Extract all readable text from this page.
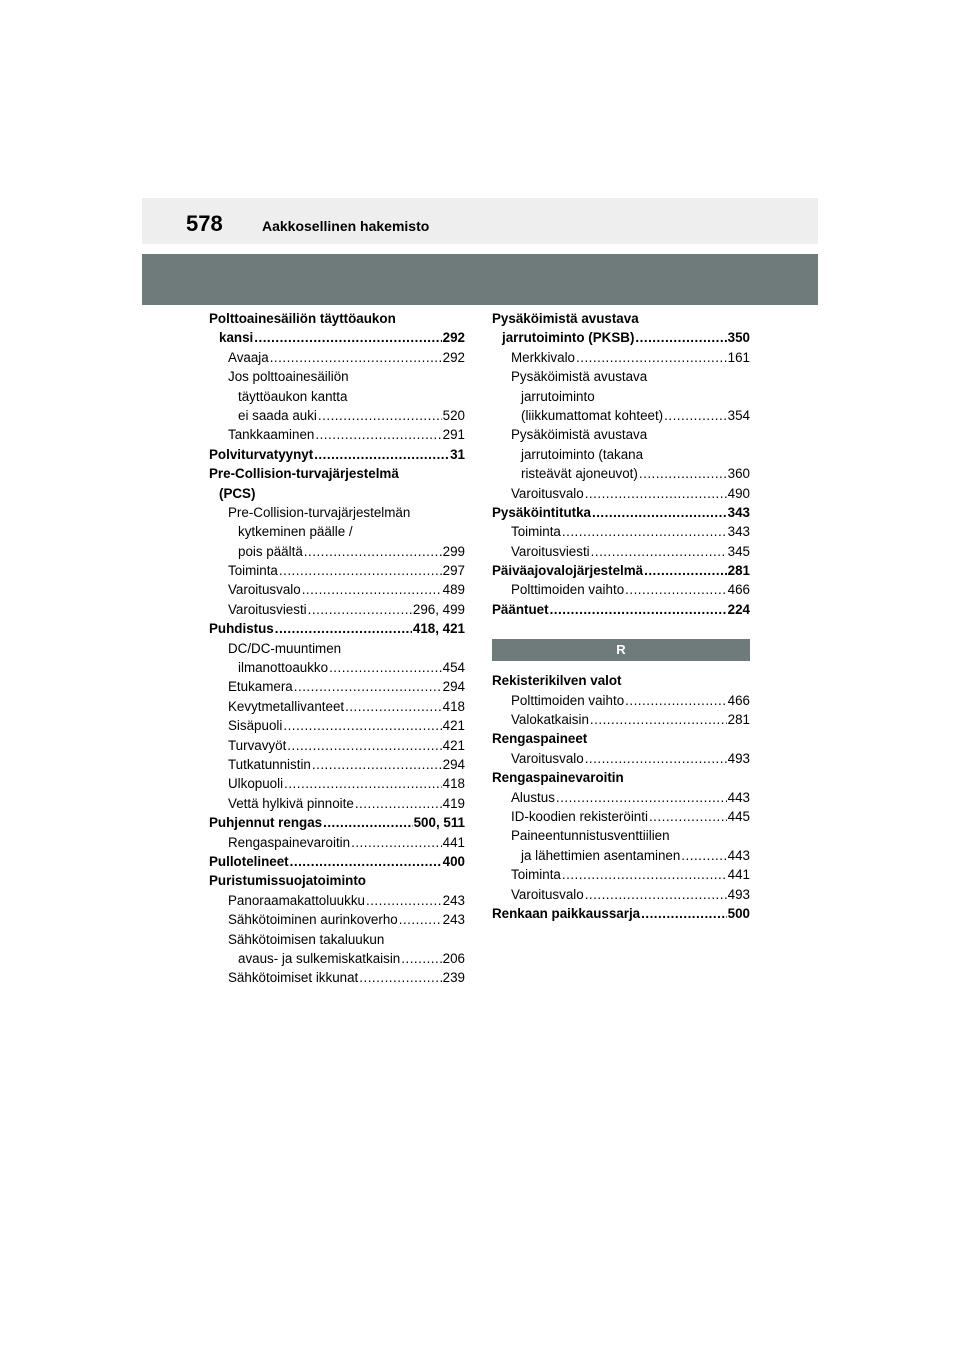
578	Aakkosellinen hakemisto
Polttoainesäiliön täyttöaukon
kansi .....	292
Avaaja .....	292
Jos polttoainesäiliön
täyttöaukon kantta
ei saada auki .....	520
Tankkaaminen .....	291
Polviturvatyynyt .....	31
Pre-Collision-turvajärjestelmä
(PCS)
Pre-Collision-turvajärjestelmän
kytkeminen päälle /
pois päältä .....	299
Toiminta .....	297
Varoitusvalo .....	489
Varoitusviesti .....	296, 499
Puhdistus .....	418, 421
DC/DC-muuntimen
ilmanottoaukko .....	454
Etukamera .....	294
Kevytmetallivanteet .....	418
Sisäpuoli .....	421
Turvavyöt .....	421
Tutkatunnistin .....	294
Ulkopuoli .....	418
Vettä hylkivä pinnoite .....	419
Puhjennut rengas .....	500, 511
Rengaspainevaroitin .....	441
Pullotelineet .....	400
Puristumissuojatoiminto
Panoraamakattoluukku .....	243
Sähkötoiminen aurinkoverho .....	243
Sähkötoimisen takaluukun
avaus- ja sulkemiskatkaisin .....	206
Sähkötoimiset ikkunat .....	239
Pysäköimistä avustava
jarrutoiminto (PKSB) .....	350
Merkkivalo .....	161
Pysäköimistä avustava
jarrutoiminto
(liikkumattomat kohteet) .....	354
Pysäköimistä avustava
jarrutoiminto (takana
risteävät ajoneuvot) .....	360
Varoitusvalo .....	490
Pysäköintitutka .....	343
Toiminta .....	343
Varoitusviesti .....	345
Päiväajovalojärjestelmä .....	281
Polttimoiden vaihto .....	466
Pääntuet .....	224
R
Rekisterikilven valot
Polttimoiden vaihto .....	466
Valokatkaisin .....	281
Rengaspaineet
Varoitusvalo .....	493
Rengaspainevaroitin
Alustus .....	443
ID-koodien rekisteröinti .....	445
Paineentunnistusventtiilien
ja lähettimien asentaminen .....	443
Toiminta .....	441
Varoitusvalo .....	493
Renkaan paikkaussarja .....	500
